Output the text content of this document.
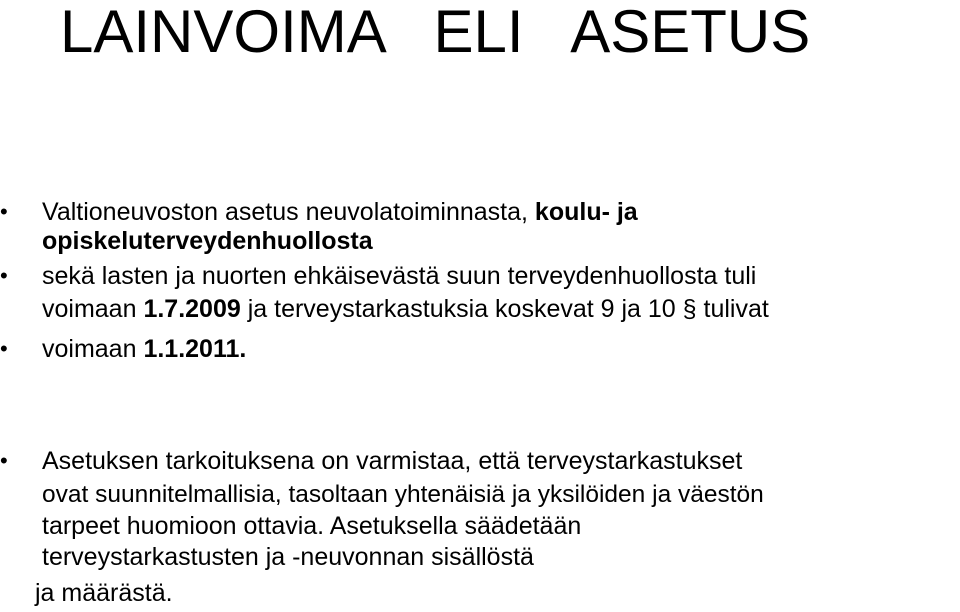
LAINVOIMA   ELI   ASETUS
• Valtioneuvoston asetus neuvolatoiminnasta, koulu- ja
opiskeluterveydenhuollosta
• sekä lasten ja nuorten ehkäisevästä suun terveydenhuollosta tuli
voimaan 1.7.2009 ja terveystarkastuksia koskevat 9 ja 10 § tulivat
• voimaan 1.1.2011.
• Asetuksen tarkoituksena on varmistaa, että terveystarkastukset
ovat suunnitelmallisia, tasoltaan yhtenäisiä ja yksilöiden ja väestön
tarpeet huomioon ottavia. Asetuksella säädetään
terveystarkastusten ja -neuvonnan sisällöstä
ja määrästä.
